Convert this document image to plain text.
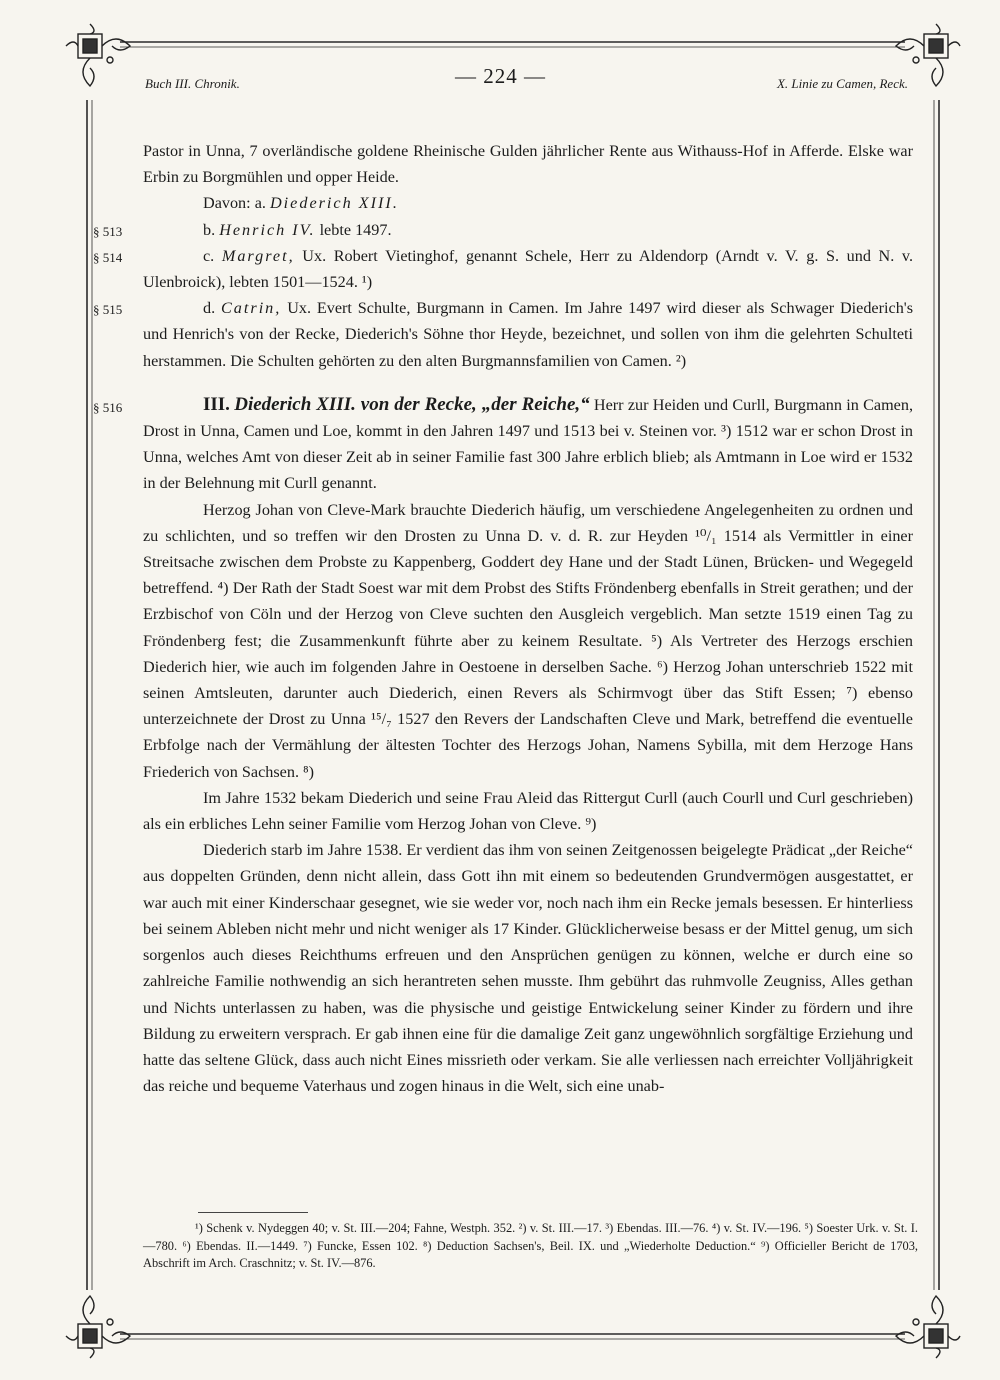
Buch III. Chronik.	— 224 —	X. Linie zu Camen, Reck.

Pastor in Unna, 7 overländische goldene Rheinische Gulden jährlicher Rente aus Withauss-Hof in Afferde. Elske war Erbin zu Borgmühlen und opper Heide.

Davon: a. Diederich XIII.

§ 513	b. Henrich IV. lebte 1497.

§ 514	c. Margret, Ux. Robert Vietinghof, genannt Schele, Herr zu Aldendorp (Arndt v. V. g. S. und N. v. Ulenbroick), lebten 1501—1524. ¹)

§ 515	d. Catrin, Ux. Evert Schulte, Burgmann in Camen. Im Jahre 1497 wird dieser als Schwager Diederich's und Henrich's von der Recke, Diederich's Söhne thor Heyde, bezeichnet, und sollen von ihm die gelehrten Schulteti herstammen. Die Schulten gehörten zu den alten Burgmannsfamilien von Camen. ²)

§ 516	III. Diederich XIII. von der Recke, „der Reiche,“ Herr zur Heiden und Curll, Burgmann in Camen, Drost in Unna, Camen und Loe, kommt in den Jahren 1497 und 1513 bei v. Steinen vor. ³) 1512 war er schon Drost in Unna, welches Amt von dieser Zeit ab in seiner Familie fast 300 Jahre erblich blieb; als Amtmann in Loe wird er 1532 in der Belehnung mit Curll genannt.

Herzog Johan von Cleve-Mark brauchte Diederich häufig, um verschiedene Angelegenheiten zu ordnen und zu schlichten, und so treffen wir den Drosten zu Unna D. v. d. R. zur Heyden ¹⁰/₁ 1514 als Vermittler in einer Streitsache zwischen dem Probste zu Kappenberg, Goddert dey Hane und der Stadt Lünen, Brücken- und Wegegeld betreffend. ⁴) Der Rath der Stadt Soest war mit dem Probst des Stifts Fröndenberg ebenfalls in Streit gerathen; und der Erzbischof von Cöln und der Herzog von Cleve suchten den Ausgleich vergeblich. Man setzte 1519 einen Tag zu Fröndenberg fest; die Zusammenkunft führte aber zu keinem Resultate. ⁵) Als Vertreter des Herzogs erschien Diederich hier, wie auch im folgenden Jahre in Oestoene in derselben Sache. ⁶) Herzog Johan unterschrieb 1522 mit seinen Amtsleuten, darunter auch Diederich, einen Revers als Schirmvogt über das Stift Essen; ⁷) ebenso unterzeichnete der Drost zu Unna ¹⁵/₇ 1527 den Revers der Landschaften Cleve und Mark, betreffend die eventuelle Erbfolge nach der Vermählung der ältesten Tochter des Herzogs Johan, Namens Sybilla, mit dem Herzoge Hans Friederich von Sachsen. ⁸)

Im Jahre 1532 bekam Diederich und seine Frau Aleid das Rittergut Curll (auch Courll und Curl geschrieben) als ein erbliches Lehn seiner Familie vom Herzog Johan von Cleve. ⁹)

Diederich starb im Jahre 1538. Er verdient das ihm von seinen Zeitgenossen beigelegte Prädicat „der Reiche“ aus doppelten Gründen, denn nicht allein, dass Gott ihn mit einem so bedeutenden Grundvermögen ausgestattet, er war auch mit einer Kinderschaar gesegnet, wie sie weder vor, noch nach ihm ein Recke jemals besessen. Er hinterliess bei seinem Ableben nicht mehr und nicht weniger als 17 Kinder. Glücklicherweise besass er der Mittel genug, um sich sorgenlos auch dieses Reichthums erfreuen und den Ansprüchen genügen zu können, welche er durch eine so zahlreiche Familie nothwendig an sich herantreten sehen musste. Ihm gebührt das ruhmvolle Zeugniss, Alles gethan und Nichts unterlassen zu haben, was die physische und geistige Entwickelung seiner Kinder zu fördern und ihre Bildung zu erweitern versprach. Er gab ihnen eine für die damalige Zeit ganz ungewöhnlich sorgfältige Erziehung und hatte das seltene Glück, dass auch nicht Eines missrieth oder verkam. Sie alle verliessen nach erreichter Volljährigkeit das reiche und bequeme Vaterhaus und zogen hinaus in die Welt, sich eine unab-

¹) Schenk v. Nydeggen 40; v. St. III.—204; Fahne, Westph. 352. ²) v. St. III.—17. ³) Ebendas. III.—76. ⁴) v. St. IV.—196. ⁵) Soester Urk. v. St. I.—780. ⁶) Ebendas. II.—1449. ⁷) Funcke, Essen 102. ⁸) Deduction Sachsen's, Beil. IX. und „Wiederholte Deduction.“ ⁹) Officieller Bericht de 1703, Abschrift im Arch. Craschnitz; v. St. IV.—876.
